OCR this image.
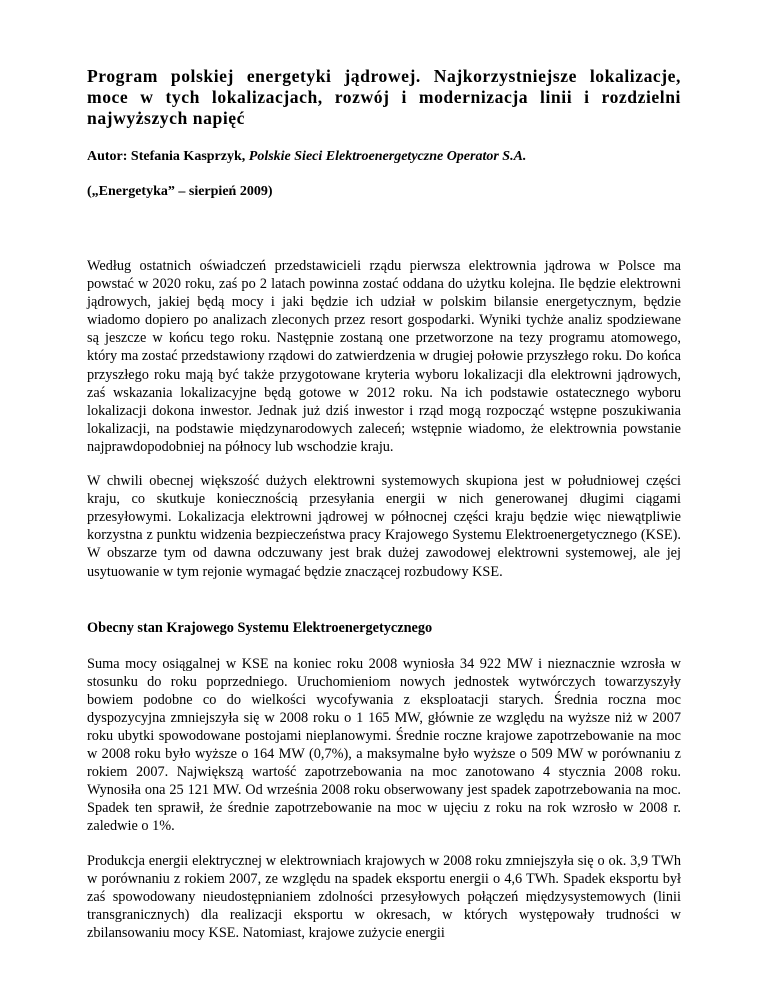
Program polskiej energetyki jądrowej. Najkorzystniejsze lokalizacje, moce w tych lokalizacjach, rozwój i modernizacja linii i rozdzielni najwyższych napięć

Autor: Stefania Kasprzyk, Polskie Sieci Elektroenergetyczne Operator S.A.

(„Energetyka” – sierpień 2009)

Według ostatnich oświadczeń przedstawicieli rządu pierwsza elektrownia jądrowa w Polsce ma powstać w 2020 roku, zaś po 2 latach powinna zostać oddana do użytku kolejna. Ile będzie elektrowni jądrowych, jakiej będą mocy i jaki będzie ich udział w polskim bilansie energetycznym, będzie wiadomo dopiero po analizach zleconych przez resort gospodarki. Wyniki tychże analiz spodziewane są jeszcze w końcu tego roku. Następnie zostaną one przetworzone na tezy programu atomowego, który ma zostać przedstawiony rządowi do zatwierdzenia w drugiej połowie przyszłego roku. Do końca przyszłego roku mają być także przygotowane kryteria wyboru lokalizacji dla elektrowni jądrowych, zaś wskazania lokalizacyjne będą gotowe w 2012 roku. Na ich podstawie ostatecznego wyboru lokalizacji dokona inwestor. Jednak już dziś inwestor i rząd mogą rozpocząć wstępne poszukiwania lokalizacji, na podstawie międzynarodowych zaleceń; wstępnie wiadomo, że elektrownia powstanie najprawdopodobniej na północy lub wschodzie kraju.

W chwili obecnej większość dużych elektrowni systemowych skupiona jest w południowej części kraju, co skutkuje koniecznością przesyłania energii w nich generowanej długimi ciągami przesyłowymi. Lokalizacja elektrowni jądrowej w północnej części kraju będzie więc niewątpliwie korzystna z punktu widzenia bezpieczeństwa pracy Krajowego Systemu Elektroenergetycznego (KSE). W obszarze tym od dawna odczuwany jest brak dużej zawodowej elektrowni systemowej, ale jej usytuowanie w tym rejonie wymagać będzie znaczącej rozbudowy KSE.

Obecny stan Krajowego Systemu Elektroenergetycznego

Suma mocy osiągalnej w KSE na koniec roku 2008 wyniosła 34 922 MW i nieznacznie wzrosła w stosunku do roku poprzedniego. Uruchomieniom nowych jednostek wytwórczych towarzyszyły bowiem podobne co do wielkości wycofywania z eksploatacji starych. Średnia roczna moc dyspozycyjna zmniejszyła się w 2008 roku o 1 165 MW, głównie ze względu na wyższe niż w 2007 roku ubytki spowodowane postojami nieplanowymi. Średnie roczne krajowe zapotrzebowanie na moc w 2008 roku było wyższe o 164 MW (0,7%), a maksymalne było wyższe o 509 MW w porównaniu z rokiem 2007. Największą wartość zapotrzebowania na moc zanotowano 4 stycznia 2008 roku. Wynosiła ona 25 121 MW. Od września 2008 roku obserwowany jest spadek zapotrzebowania na moc. Spadek ten sprawił, że średnie zapotrzebowanie na moc w ujęciu z roku na rok wzrosło w 2008 r. zaledwie o 1%.

Produkcja energii elektrycznej w elektrowniach krajowych w 2008 roku zmniejszyła się o ok. 3,9 TWh w porównaniu z rokiem 2007, ze względu na spadek eksportu energii o 4,6 TWh. Spadek eksportu był zaś spowodowany nieudostępnianiem zdolności przesyłowych połączeń międzysystemowych (linii transgranicznych) dla realizacji eksportu w okresach, w których występowały trudności w zbilansowaniu mocy KSE. Natomiast, krajowe zużycie energii
